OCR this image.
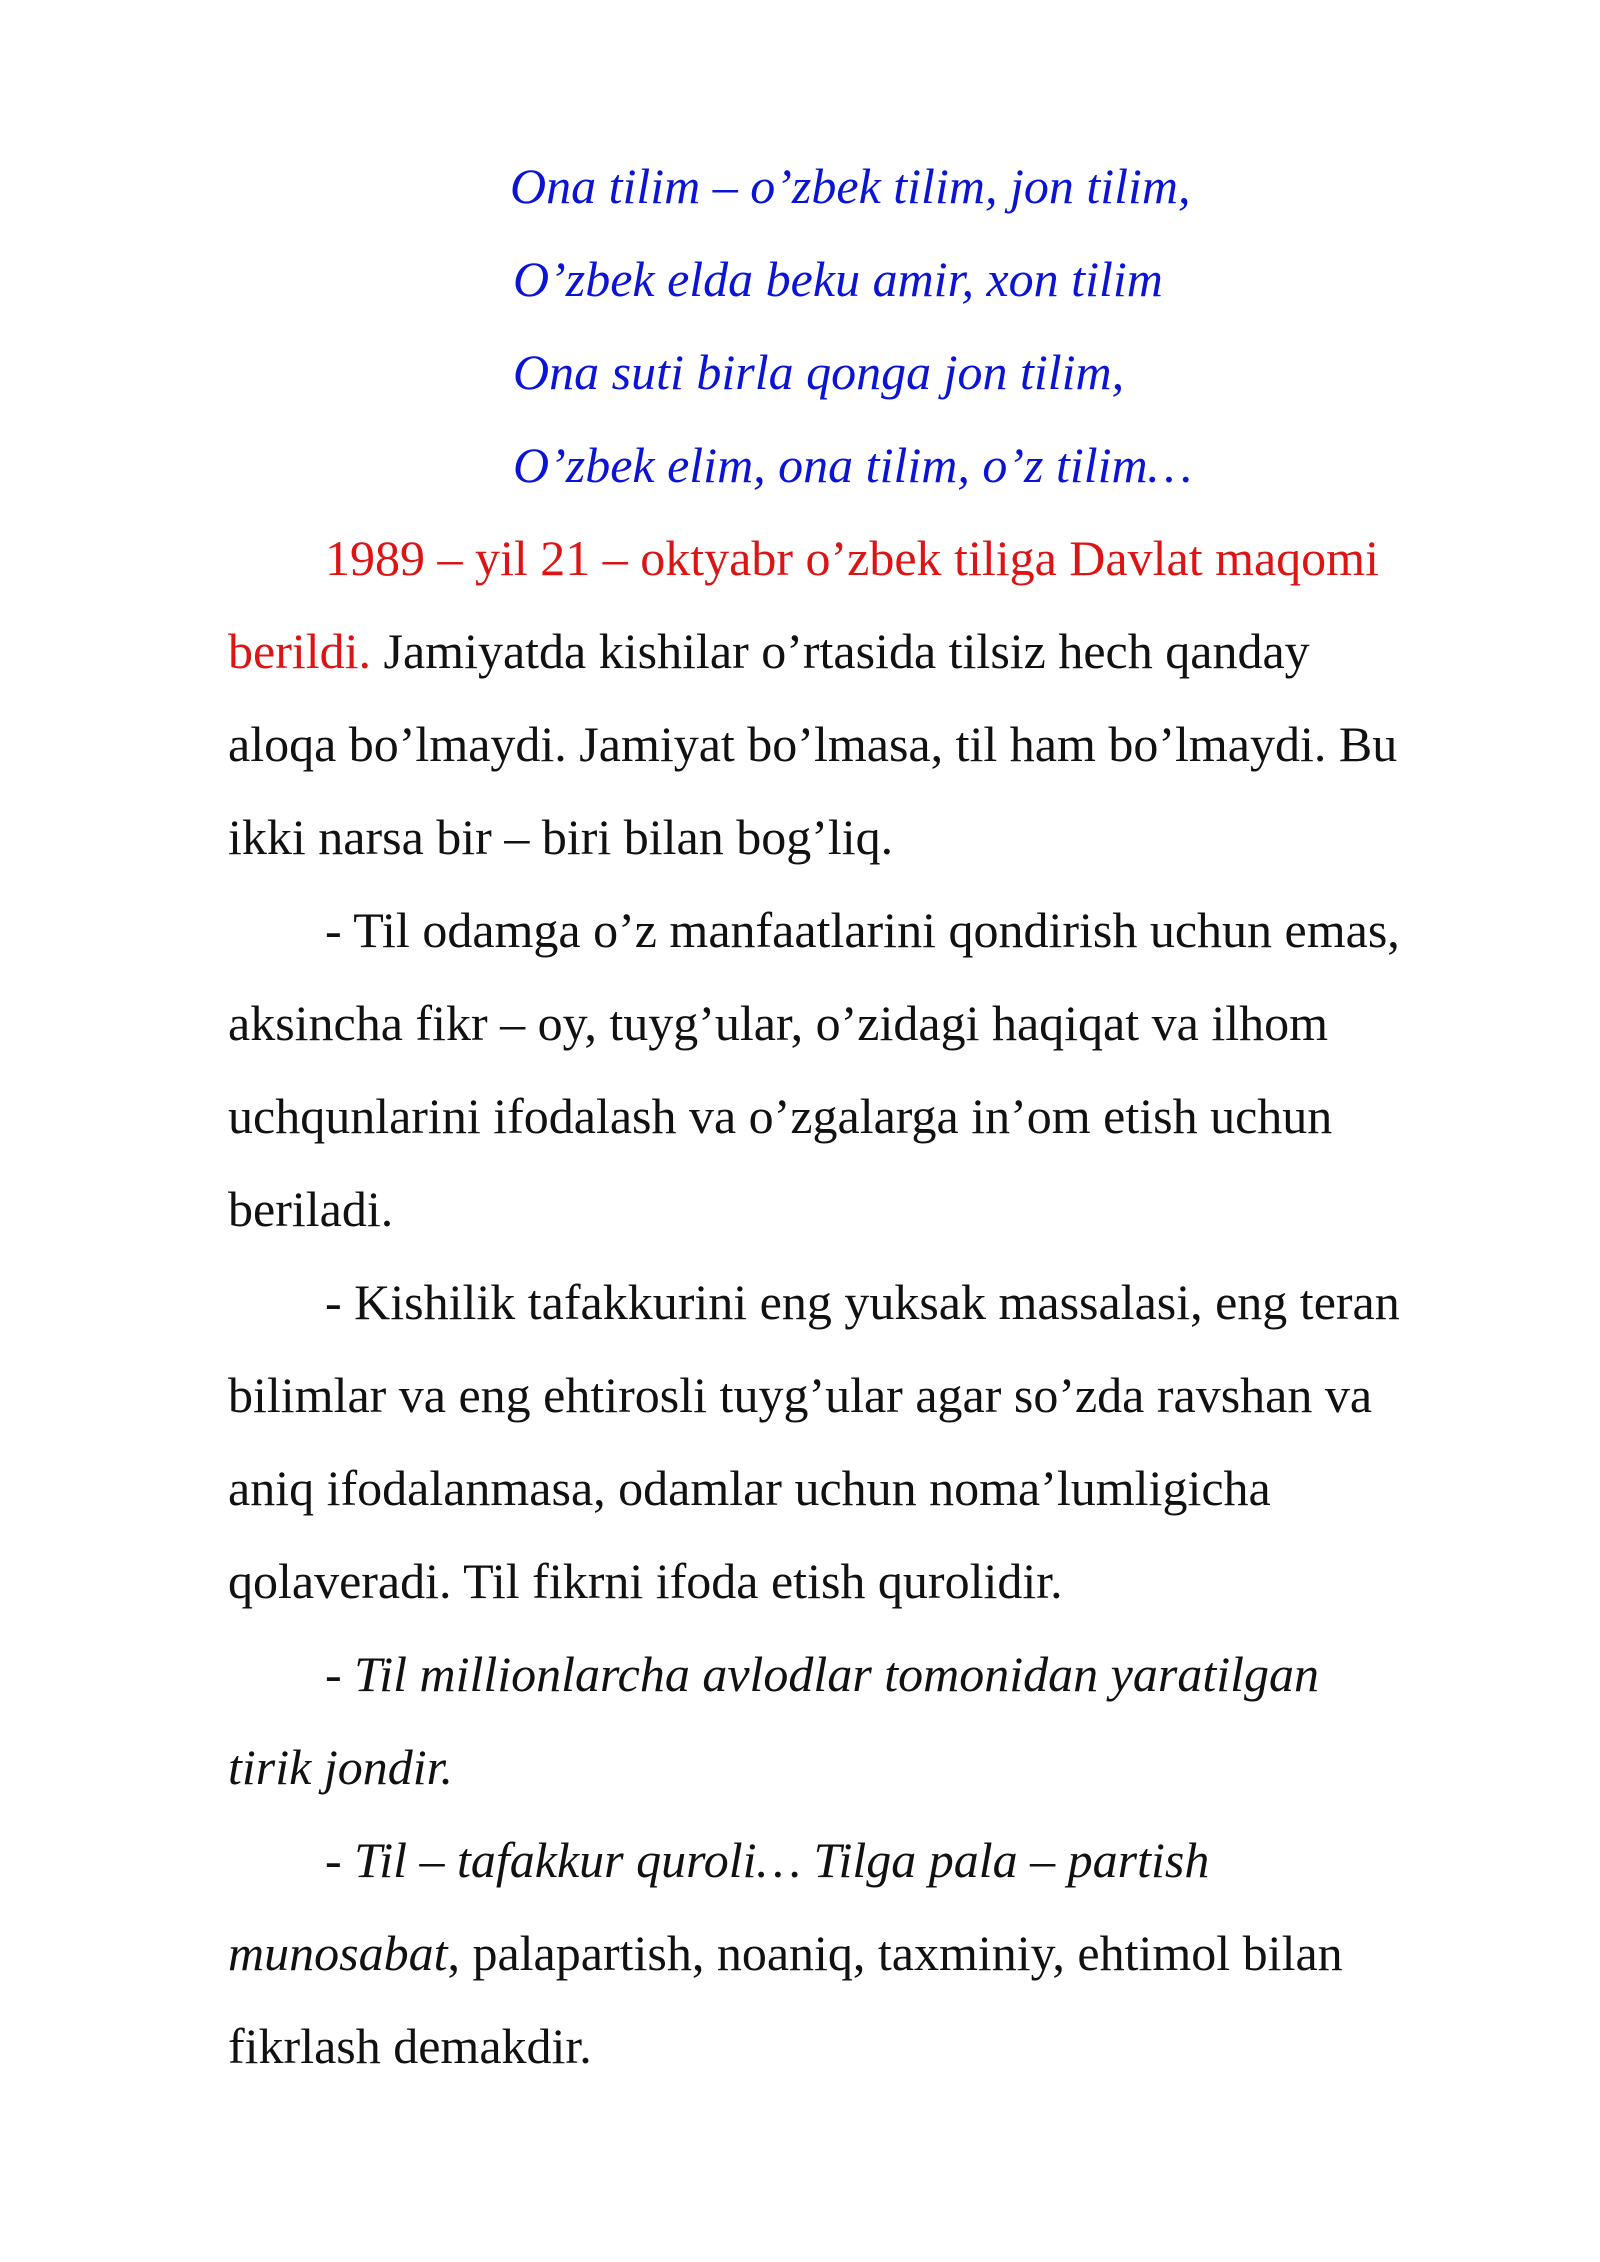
Ona tilim – o’zbek tilim, jon tilim,
O’zbek elda beku amir, xon tilim
Ona suti birla qonga jon tilim,
O’zbek elim, ona tilim, o’z tilim…
1989 – yil 21 – oktyabr o’zbek tiliga Davlat maqomi
berildi. Jamiyatda kishilar o’rtasida tilsiz hech qanday
aloqa bo’lmaydi. Jamiyat bo’lmasa, til ham bo’lmaydi. Bu
ikki narsa bir – biri bilan bog’liq.
- Til odamga o’z manfaatlarini qondirish uchun emas,
aksincha fikr – oy, tuyg’ular, o’zidagi haqiqat va ilhom
uchqunlarini ifodalash va o’zgalarga in’om etish uchun
beriladi.
- Kishilik tafakkurini eng yuksak massalasi, eng teran
bilimlar va eng ehtirosli tuyg’ular agar so’zda ravshan va
aniq ifodalanmasa, odamlar uchun noma’lumligicha
qolaveradi. Til fikrni ifoda etish qurolidir.
- Til millionlarcha avlodlar tomonidan yaratilgan
tirik jondir.
- Til – tafakkur quroli… Tilga pala – partish
munosabat, palapartish, noaniq, taxminiy, ehtimol bilan
fikrlash demakdir.
